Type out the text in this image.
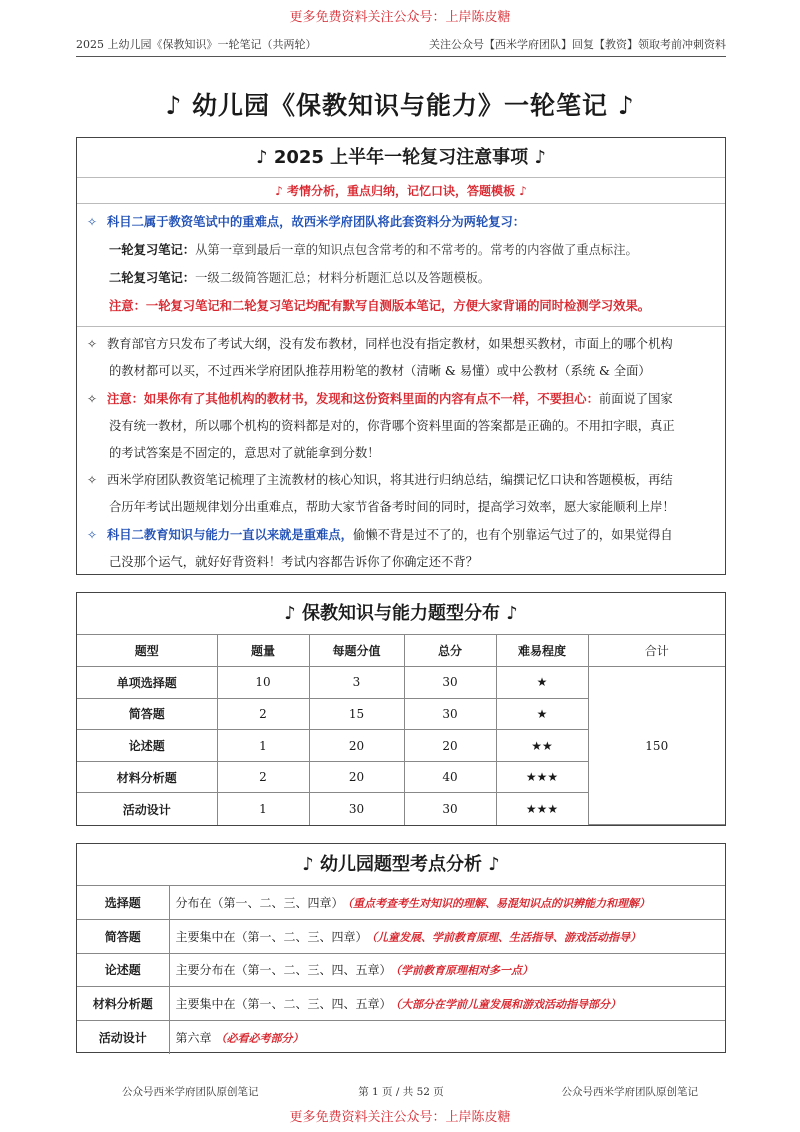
更多免费资料关注公众号：上岸陈皮糖
2025 上幼儿园《保教知识》一轮笔记（共两轮）	关注公众号【西米学府团队】回复【教资】领取考前冲刺资料
♪ 幼儿园《保教知识与能力》一轮笔记 ♪
♪ 2025 上半年一轮复习注意事项 ♪
♪ 考情分析，重点归纳，记忆口诀，答题模板 ♪
✧ 科目二属于教资笔试中的重难点，故西米学府团队将此套资料分为两轮复习：
一轮复习笔记：从第一章到最后一章的知识点包含常考的和不常考的。常考的内容做了重点标注。
二轮复习笔记：一级二级简答题汇总；材料分析题汇总以及答题模板。
注意：一轮复习笔记和二轮复习笔记均配有默写自测版本笔记，方便大家背诵的同时检测学习效果。
✧ 教育部官方只发布了考试大纲，没有发布教材，同样也没有指定教材，如果想买教材，市面上的哪个机构
的教材都可以买，不过西米学府团队推荐用粉笔的教材（清晰 & 易懂）或中公教材（系统 & 全面）
✧ 注意：如果你有了其他机构的教材书，发现和这份资料里面的内容有点不一样，不要担心：前面说了国家
没有统一教材，所以哪个机构的资料都是对的，你背哪个资料里面的答案都是正确的。不用扣字眼，真正
的考试答案是不固定的，意思对了就能拿到分数！
✧ 西米学府团队教资笔记梳理了主流教材的核心知识，将其进行归纳总结，编撰记忆口诀和答题模板，再结
合历年考试出题规律划分出重难点，帮助大家节省备考时间的同时，提高学习效率，愿大家能顺利上岸！
✧ 科目二教育知识与能力一直以来就是重难点，偷懒不背是过不了的，也有个别靠运气过了的，如果觉得自
己没那个运气，就好好背资料！考试内容都告诉你了你确定还不背？
♪ 保教知识与能力题型分布 ♪
题型	题量	每题分值	总分	难易程度	合计
单项选择题	10	3	30	★	150
简答题	2	15	30	★	
论述题	1	20	20	★★	
材料分析题	2	20	40	★★★	
活动设计	1	30	30	★★★	
♪ 幼儿园题型考点分析 ♪
选择题	分布在（第一、二、三、四章） （重点考查考生对知识的理解、易混知识点的识辨能力和理解）
简答题	主要集中在（第一、二、三、四章） （儿童发展、学前教育原理、生活指导、游戏活动指导）
论述题	主要分布在（第一、二、三、四、五章） （学前教育原理相对多一点）
材料分析题	主要集中在（第一、二、三、四、五章） （大部分在学前儿童发展和游戏活动指导部分）
活动设计	第六章 （必看必考部分）
公众号西米学府团队原创笔记	第 1 页 / 共 52 页	公众号西米学府团队原创笔记
更多免费资料关注公众号：上岸陈皮糖
